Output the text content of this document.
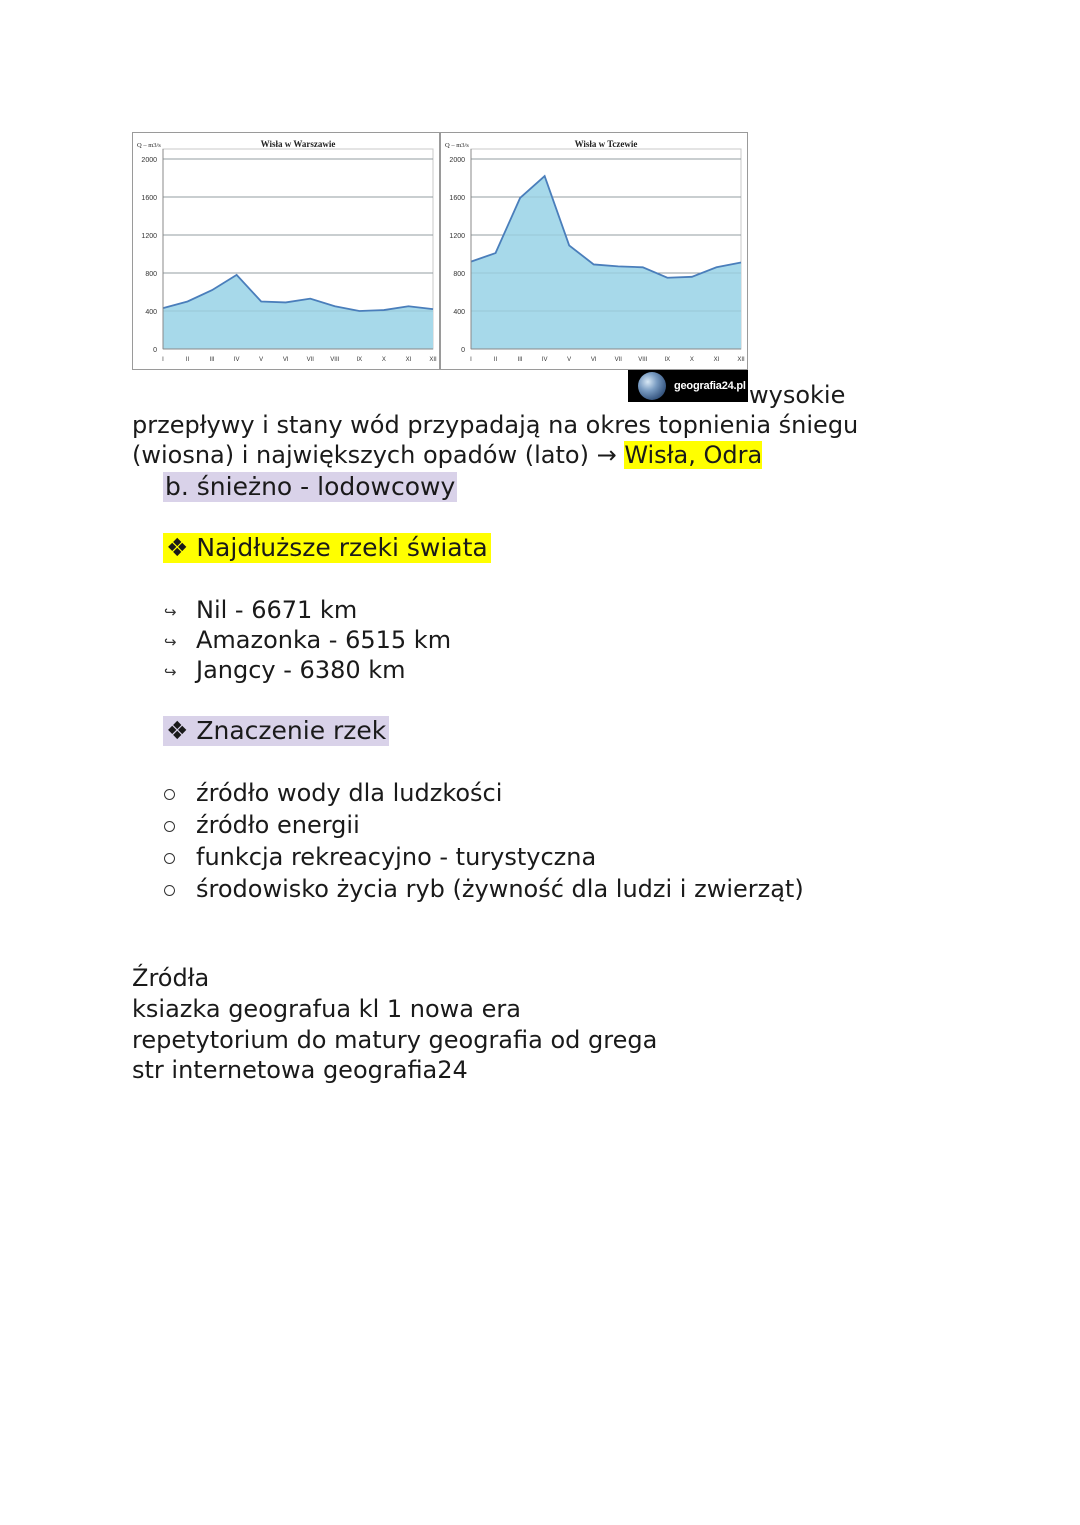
0
400
800
1200
1600
2000
I	II	III	IV	V	VI	VII	VIII	IX	X	XI	XII
Q – m3/s	Wisła w Warszawie
0
400
800
1200
1600
2000
I	II	III	IV	V	VI	VII	VIII	IX	X	XI	XII
Q – m3/s	Wisła w Tczewie
geografia24.pl wysokie
przepływy i stany wód przypadają na okres topnienia śniegu
(wiosna) i największych opadów (lato) → Wisła, Odra
b. śnieżno - lodowcowy
❖ Najdłuższe rzeki świata
↪ Nil - 6671 km
↪ Amazonka - 6515 km
↪ Jangcy - 6380 km
❖ Znaczenie rzek
źródło wody dla ludzkości
źródło energii
funkcja rekreacyjno - turystyczna
środowisko życia ryb (żywność dla ludzi i zwierząt)
Źródła
ksiazka geografua kl 1 nowa era
repetytorium do matury geografia od grega
str internetowa geografia24
